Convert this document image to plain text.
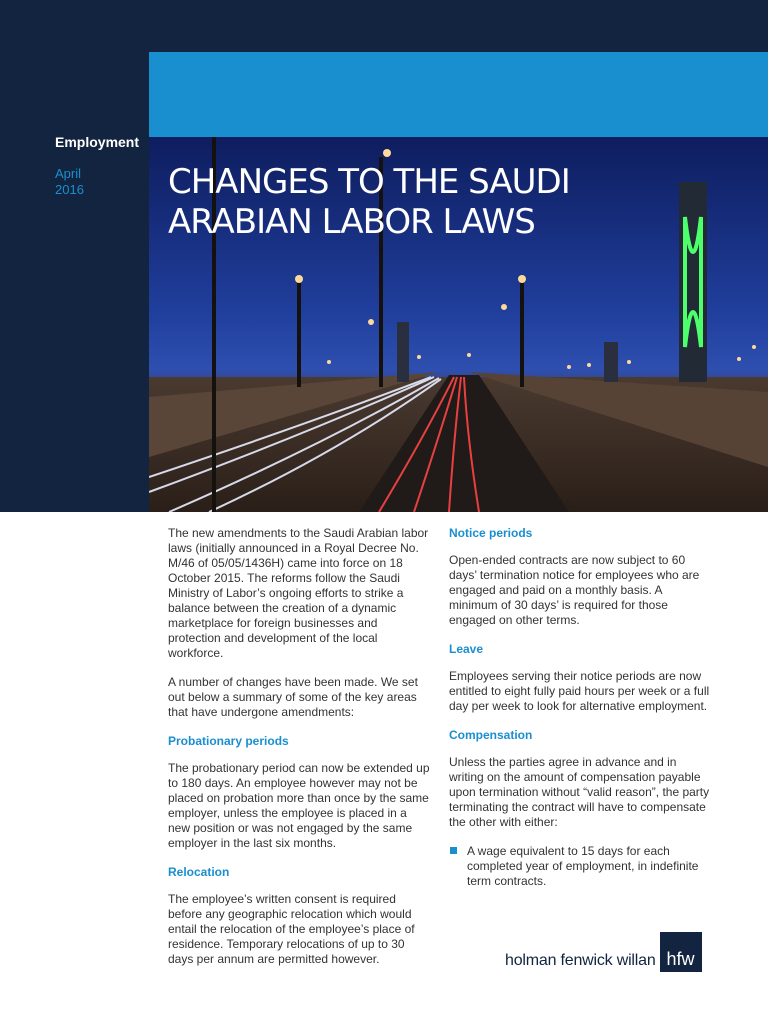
Employment
April
2016 CHANGES TO THE SAUDI
ARABIAN LABOR LAWS

The new amendments to the Saudi Arabian labor laws (initially announced in a Royal Decree No. M/46 of 05/05/1436H) came into force on 18 October 2015. The reforms follow the Saudi Ministry of Labor’s ongoing efforts to strike a balance between the creation of a dynamic marketplace for foreign businesses and protection and development of the local workforce.

A number of changes have been made. We set out below a summary of some of the key areas that have undergone amendments:

Probationary periods

The probationary period can now be extended up to 180 days. An employee however may not be placed on probation more than once by the same employer, unless the employee is placed in a new position or was not engaged by the same employer in the last six months.

Relocation

The employee’s written consent is required before any geographic relocation which would entail the relocation of the employee’s place of residence. Temporary relocations of up to 30 days per annum are permitted however.

Notice periods

Open-ended contracts are now subject to 60 days’ termination notice for employees who are engaged and paid on a monthly basis. A minimum of 30 days’ is required for those engaged on other terms.

Leave

Employees serving their notice periods are now entitled to eight fully paid hours per week or a full day per week to look for alternative employment.

Compensation

Unless the parties agree in advance and in writing on the amount of compensation payable upon termination without “valid reason”, the party terminating the contract will have to compensate the other with either:

A wage equivalent to 15 days for each completed year of employment, in indefinite term contracts.
holman fenwick willan hfw
